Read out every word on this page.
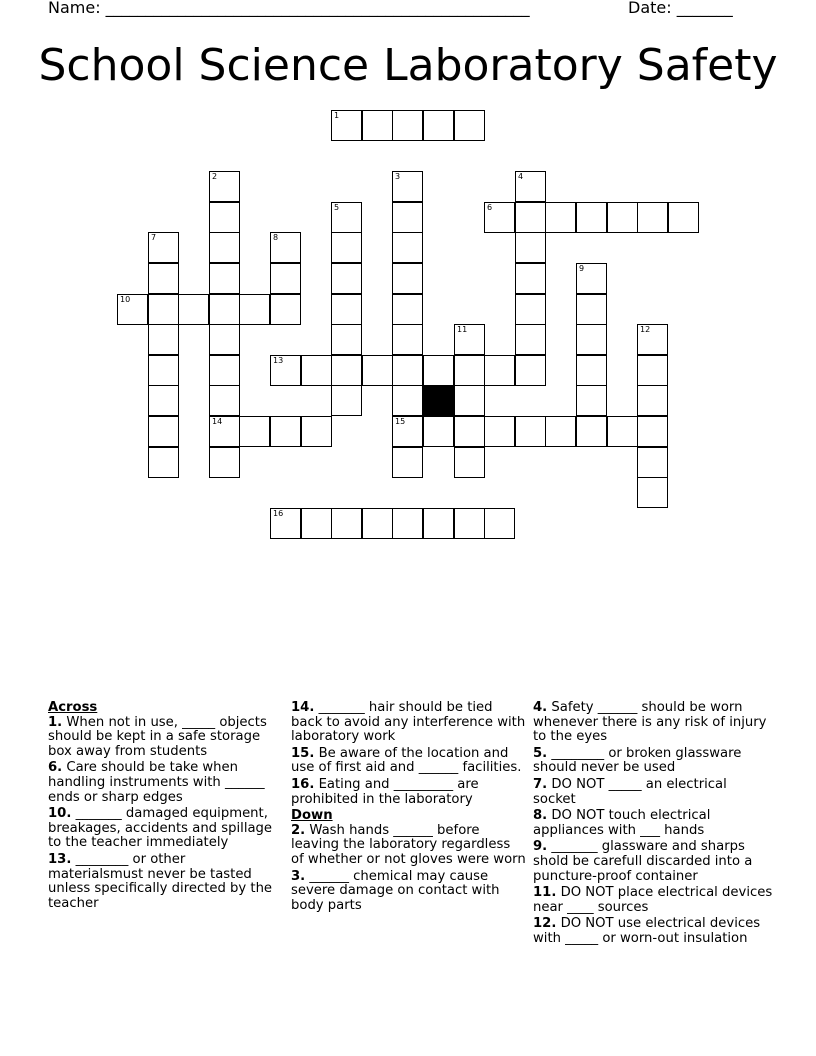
Name: _____________________________________________________	Date: _______
School Science Laboratory Safety
1
6
10
13
14	15
16
2	3	4
5
7	8
9
11	12
Across
1. When not in use, _____ objects should be kept in a safe storage box away from students
6. Care should be take when handling instruments with ______ ends or sharp edges
10. _______ damaged equipment, breakages, accidents and spillage to the teacher immediately
13. ________ or other materialsmust never be tasted unless specifically directed by the teacher
14. _______ hair should be tied back to avoid any interference with laboratory work
15. Be aware of the location and use of first aid and ______ facilities.
16. Eating and _________ are prohibited in the laboratory
Down
2. Wash hands ______ before leaving the laboratory regardless of whether or not gloves were worn
3. ______ chemical may cause severe damage on contact with body parts
4. Safety ______ should be worn whenever there is any risk of injury to the eyes
5. ________ or broken glassware should never be used
7. DO NOT _____ an electrical socket
8. DO NOT touch electrical appliances with ___ hands
9. _______ glassware and sharps shold be carefull discarded into a puncture-proof container
11. DO NOT place electrical devices near ____ sources
12. DO NOT use electrical devices with _____ or worn-out insulation
